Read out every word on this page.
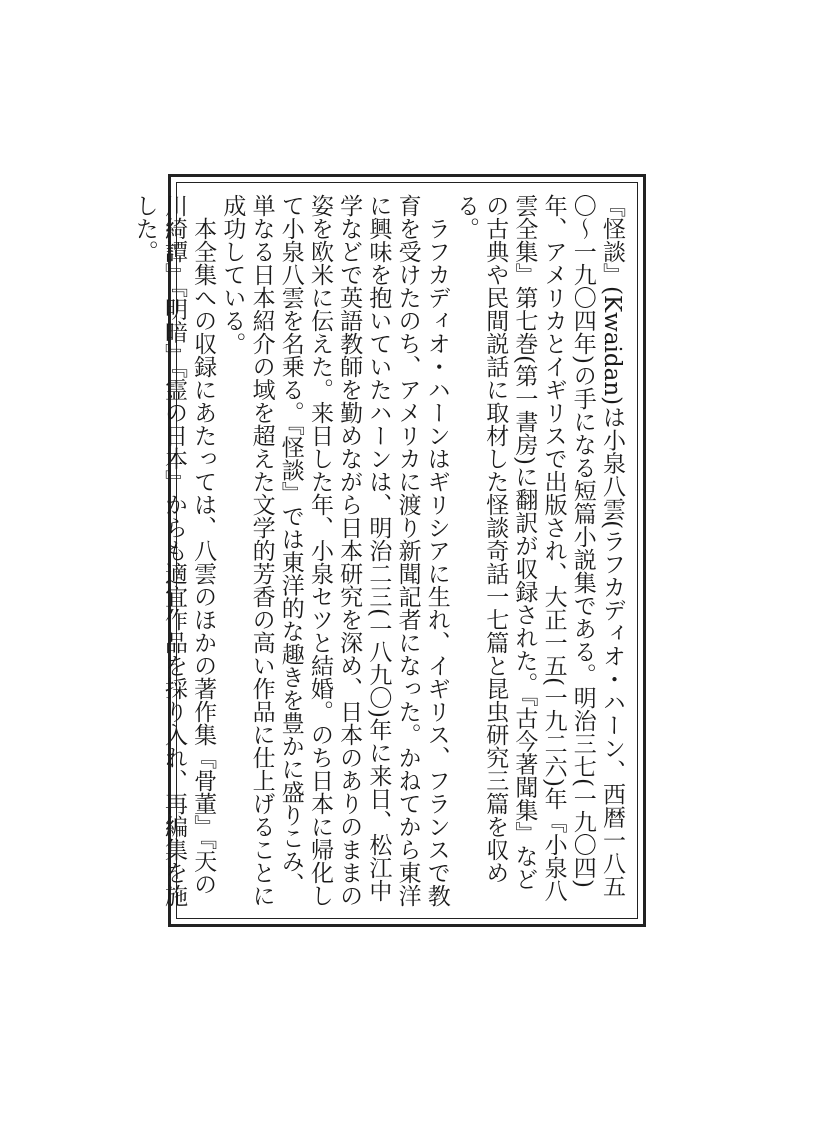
『怪談』(Kwaidan)は小泉八雲(ラフカディオ・ハーン、西暦一八五〇〜一九〇四年)の手になる短篇小説集である。明治三七(一九〇四)年、アメリカとイギリスで出版され、大正一五(一九二六)年『小泉八雲全集』第七巻(第一書房)に翻訳が収録された。『古今著聞集』などの古典や民間説話に取材した怪談奇話一七篇と昆虫研究三篇を収める。

ラフカディオ・ハーンはギリシアに生れ、イギリス、フランスで教育を受けたのち、アメリカに渡り新聞記者になった。かねてから東洋に興味を抱いていたハーンは、明治二三(一八九〇)年に来日、松江中学などで英語教師を勤めながら日本研究を深め、日本のありのままの姿を欧米に伝えた。来日した年、小泉セツと結婚。のち日本に帰化して小泉八雲を名乗る。『怪談』では東洋的な趣きを豊かに盛りこみ、単なる日本紹介の域を超えた文学的芳香の高い作品に仕上げることに成功している。

本全集への収録にあたっては、八雲のほかの著作集『骨董』『天の川綺譚』『明暗』『霊の日本』からも適宜作品を採り入れ、再編集を施した。
